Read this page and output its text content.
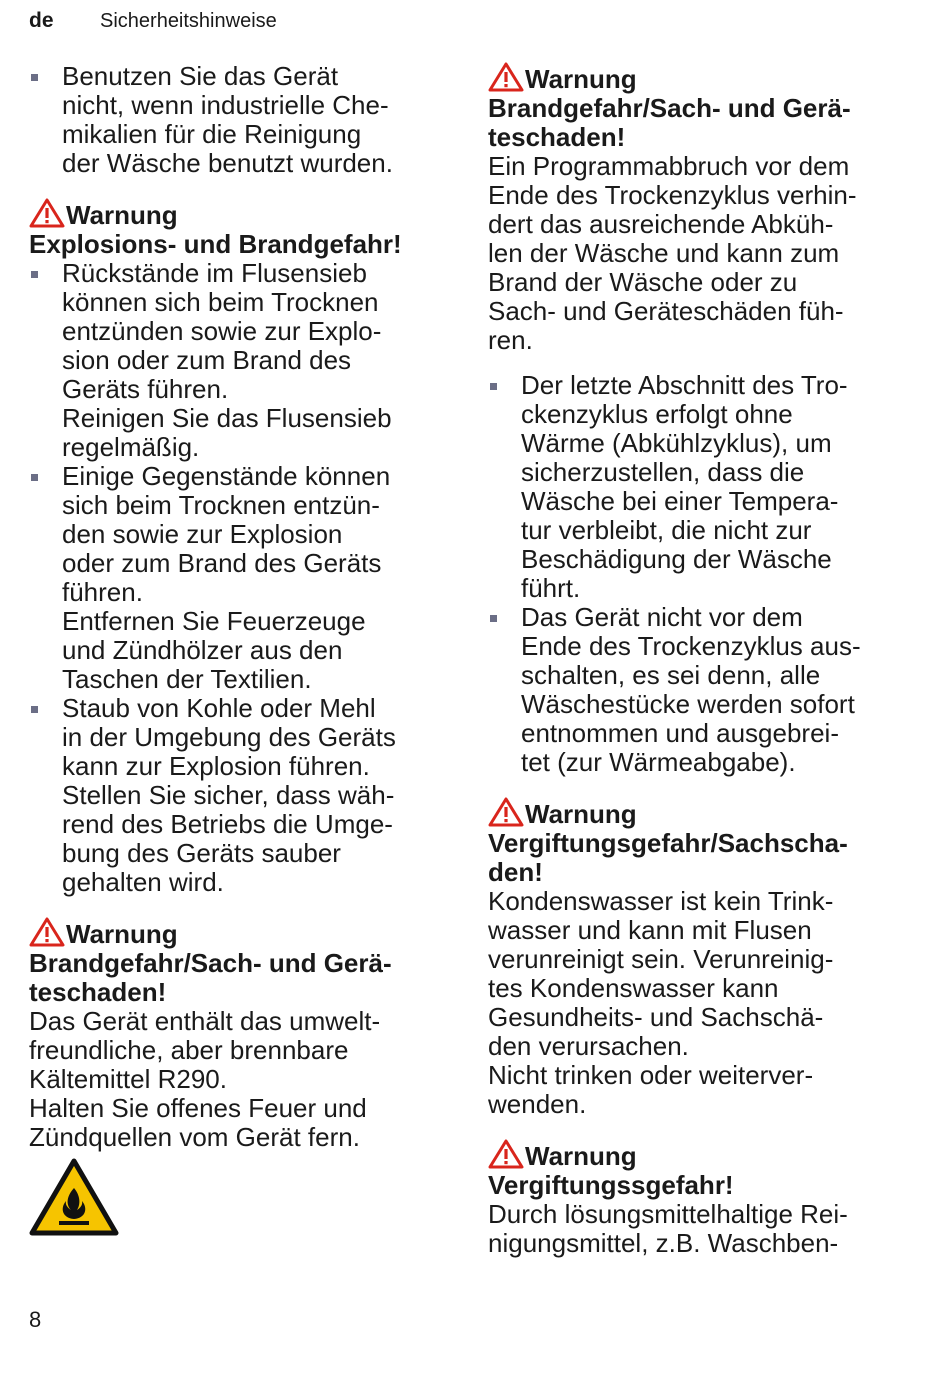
de Sicherheitshinweise
Benutzen Sie das Gerät
nicht, wenn industrielle Che-
mikalien für die Reinigung
der Wäsche benutzt wurden.
Warnung
Explosions- und Brandgefahr!
Rückstände im Flusensieb
können sich beim Trocknen
entzünden sowie zur Explo-
sion oder zum Brand des
Geräts führen.
Reinigen Sie das Flusensieb
regelmäßig.
Einige Gegenstände können
sich beim Trocknen entzün-
den sowie zur Explosion
oder zum Brand des Geräts
führen.
Entfernen Sie Feuerzeuge
und Zündhölzer aus den
Taschen der Textilien.
Staub von Kohle oder Mehl
in der Umgebung des Geräts
kann zur Explosion führen.
Stellen Sie sicher, dass wäh-
rend des Betriebs die Umge-
bung des Geräts sauber
gehalten wird.
Warnung
Brandgefahr/Sach- und Gerä-
teschaden!
Das Gerät enthält das umwelt-
freundliche, aber brennbare
Kältemittel R290.
Halten Sie offenes Feuer und
Zündquellen vom Gerät fern.
Warnung
Brandgefahr/Sach- und Gerä-
teschaden!
Ein Programmabbruch vor dem
Ende des Trockenzyklus verhin-
dert das ausreichende Abküh-
len der Wäsche und kann zum
Brand der Wäsche oder zu
Sach- und Geräteschäden füh-
ren.
Der letzte Abschnitt des Tro-
ckenzyklus erfolgt ohne
Wärme (Abkühlzyklus), um
sicherzustellen, dass die
Wäsche bei einer Tempera-
tur verbleibt, die nicht zur
Beschädigung der Wäsche
führt.
Das Gerät nicht vor dem
Ende des Trockenzyklus aus-
schalten, es sei denn, alle
Wäschestücke werden sofort
entnommen und ausgebrei-
tet (zur Wärmeabgabe).
Warnung
Vergiftungsgefahr/Sachscha-
den!
Kondenswasser ist kein Trink-
wasser und kann mit Flusen
verunreinigt sein. Verunreinig-
tes Kondenswasser kann
Gesundheits- und Sachschä-
den verursachen.
Nicht trinken oder weiterver-
wenden.
Warnung
Vergiftungssgefahr!
Durch lösungsmittelhaltige Rei-
nigungsmittel, z.B. Waschben-
8
